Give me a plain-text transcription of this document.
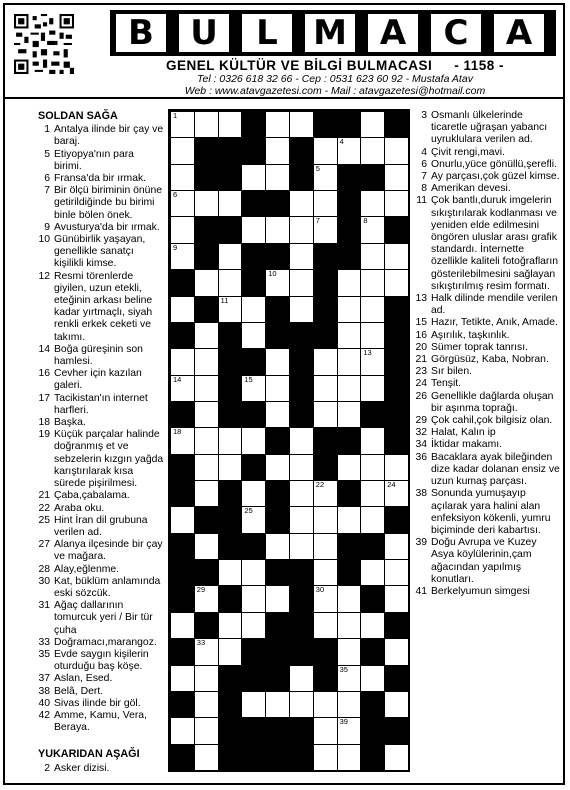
B	U	L	M A	C	A
GENEL KÜLTÜR VE BİLGİ BULMACASI - 1158 -
Tel : 0326 618 32 66 - Cep : 0531 623 60 92 - Mustafa Atav
Web : www.atavgazetesi.com - Mail : atavgazetesi@hotmail.com
SOLDAN SAĞA
1 Antalya ilinde bir çay ve baraj.
5 Etiyopya'nın para birimi.
6 Fransa'da bir ırmak.
7 Bir ölçü biriminin önüne getirildiğinde bu birimi binle bölen önek.
9 Avusturya'da bir ırmak.
10 Günübirlik yaşayan, genellikle sanatçı kişilikli kimse.
12 Resmi törenlerde giyilen, uzun etekli, eteğinin arkası beline kadar yırtmaçlı, siyah renkli erkek ceketi ve takımı.
14 Boğa güreşinin son hamlesi.
16 Cevher için kazılan galeri.
17 Tacikistan'ın internet harfleri.
18 Başka.
19 Küçük parçalar halinde doğranmış et ve sebzelerin kızgın yağda karıştırılarak kısa sürede pişirilmesi.
21 Çaba,çabalama.
22 Araba oku.
25 Hint İran dil grubuna verilen ad.
27 Alanya ilçesinde bir çay ve mağara.
28 Alay,eğlenme.
30 Kat, büklüm anlamında eski sözcük.
31 Ağaç dallarının tomurcuk yeri / Bir tür çuha
33 Doğramacı,marangoz.
35 Evde saygın kişilerin oturduğu baş köşe.
37 Aslan, Esed.
38 Belâ, Dert.
40 Sivas ilinde bir göl.
42 Amme, Kamu, Vera, Beraya.
YUKARIDAN AŞAĞI
2 Asker dizisi.
1
4
5
6
7	8
9
10
11
13
14	15
18
22	24
25
29	30
33
35
39
3 Osmanlı ülkelerinde ticaretle uğraşan yabancı uyruklulara verilen ad.
4 Çivit rengi,mavi.
6 Onurlu,yüce gönüllü,şerefli.
7 Ay parçası,çok güzel kimse.
8 Amerikan devesi.
11 Çok bantlı,duruk imgelerin sıkıştırılarak kodlanması ve yeniden elde edilmesini öngören uluslar arası grafik standardı. İnternette özellikle kaliteli fotoğrafların gösterilebilmesini sağlayan sıkıştırılmış resim formatı.
13 Halk dilinde mendile verilen ad.
15 Hazır, Tetikte, Anık, Amade.
16 Aşırılık, taşkınlık.
20 Sümer toprak tanrısı.
21 Görgüsüz, Kaba, Nobran.
23 Sır bilen.
24 Tenşit.
26 Genellikle dağlarda oluşan bir aşınma toprağı.
29 Çok cahil,çok bilgisiz olan.
32 Halat, Kalın ip
34 İktidar makamı.
36 Bacaklara ayak bileğinden dize kadar dolanan ensiz ve uzun kumaş parçası.
38 Sonunda yumuşayıp açılarak yara halini alan enfeksiyon kökenli, yumru biçiminde deri kabartısı.
39 Doğu Avrupa ve Kuzey Asya köylülerinin,çam ağacından yapılmış konutları.
41 Berkelyumun simgesi
